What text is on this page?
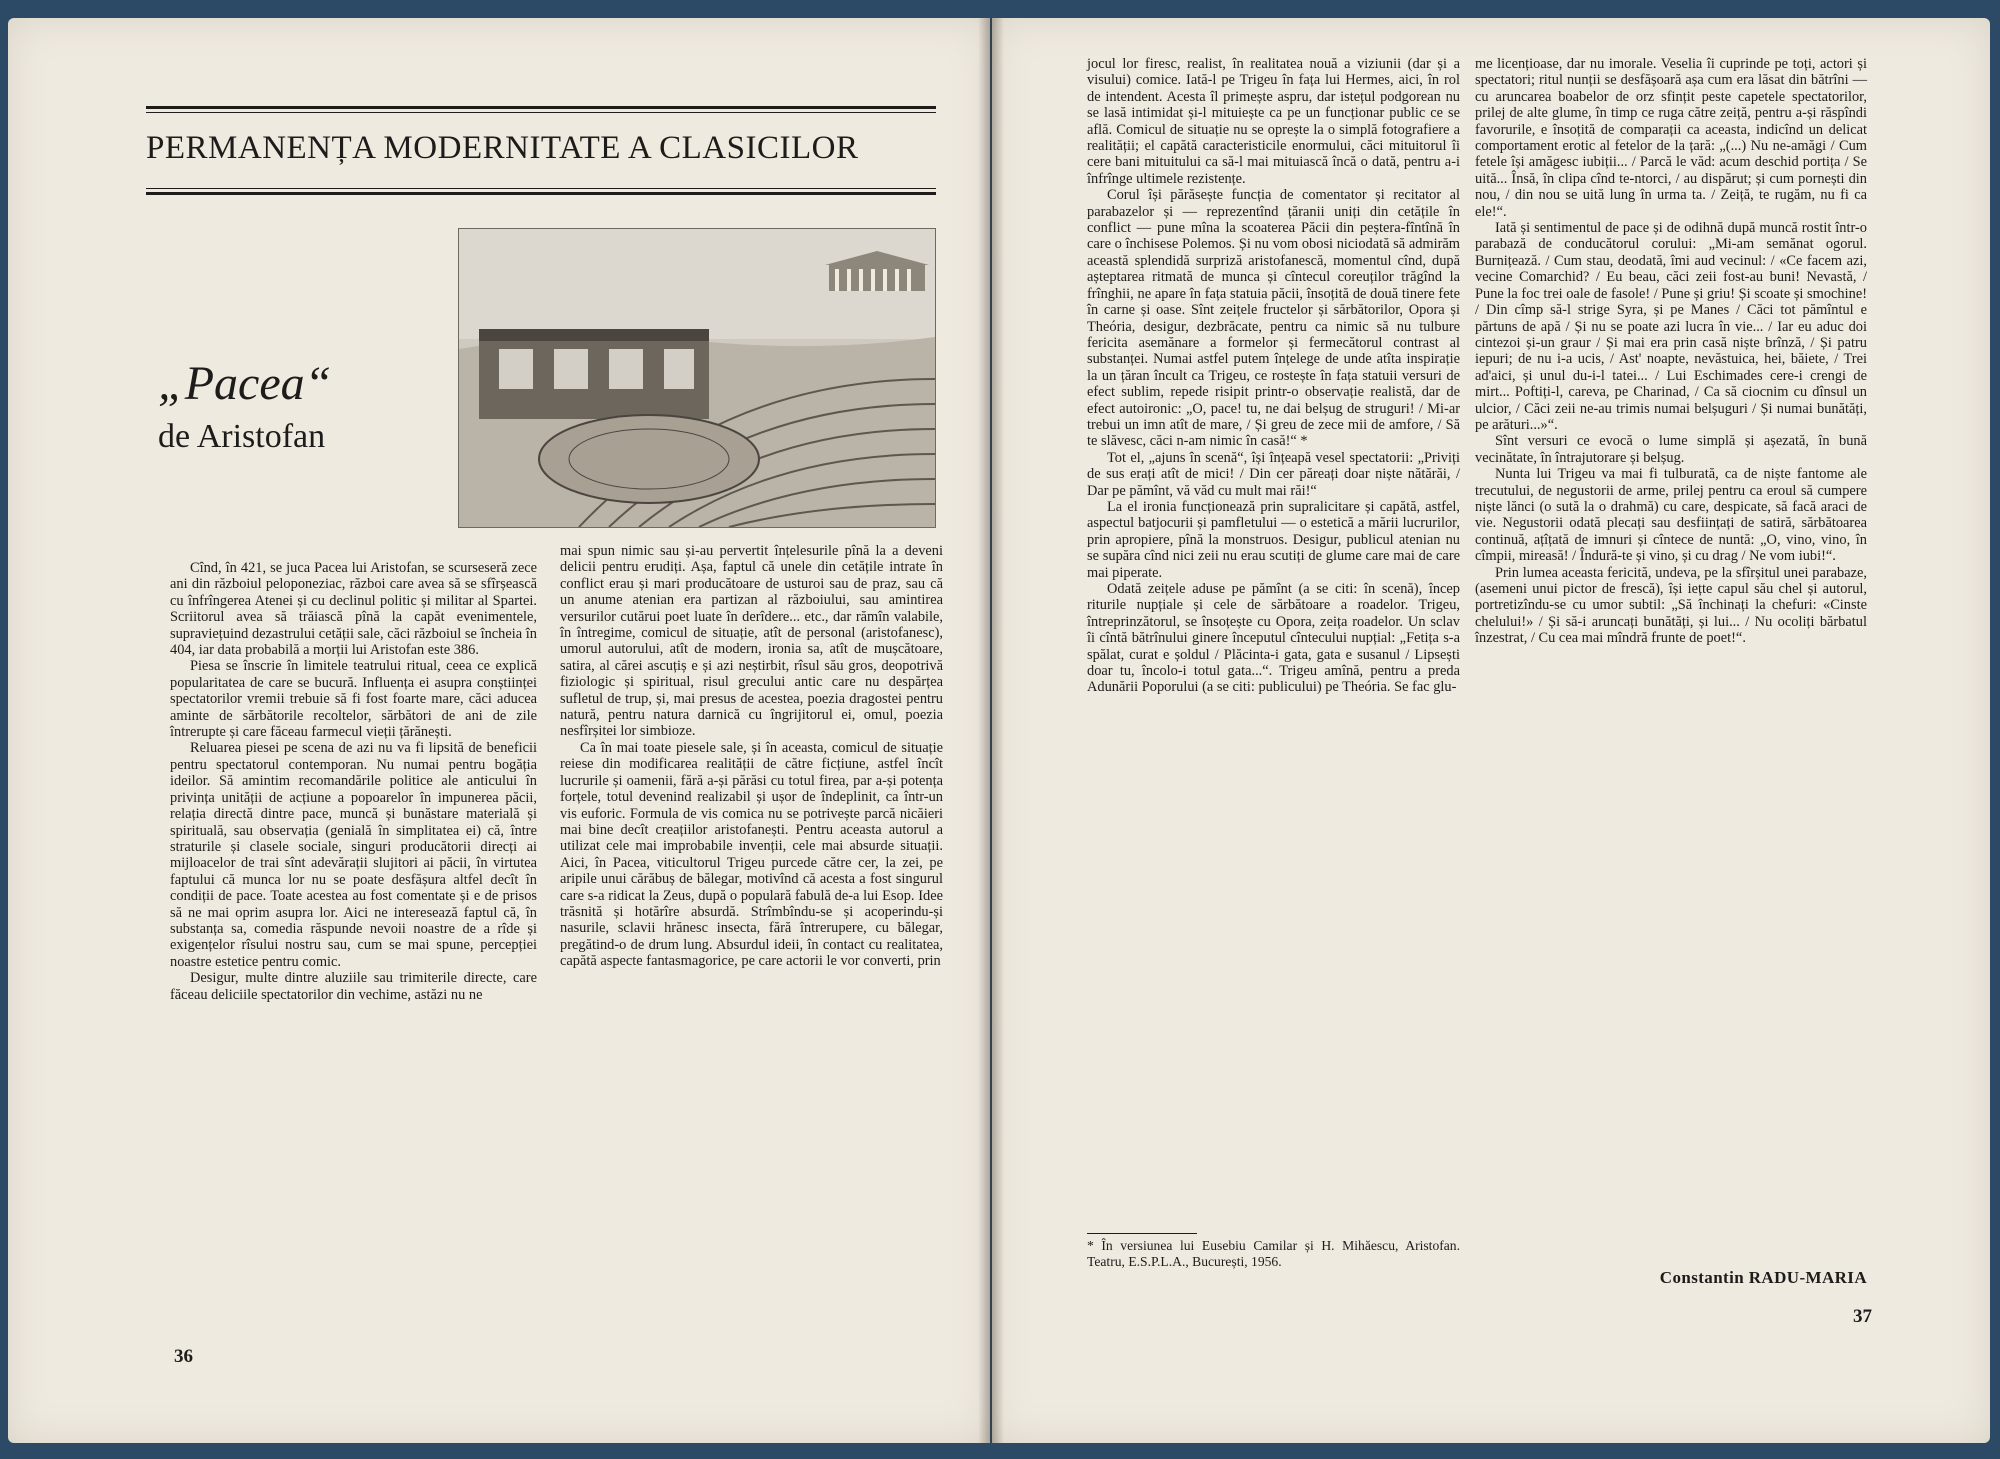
PERMANENȚA MODERNITATE A CLASICILOR
„Pacea“
de Aristofan

Cînd, în 421, se juca Pacea lui Aristofan, se scurseseră zece ani din războiul peloponeziac, război care avea să se sfîrșească cu înfrîngerea Atenei și cu declinul politic și militar al Spartei. Scriitorul avea să trăiască pînă la capăt evenimentele, supraviețuind dezastrului cetății sale, căci războiul se încheia în 404, iar data probabilă a morții lui Aristofan este 386.

Piesa se înscrie în limitele teatrului ritual, ceea ce explică popularitatea de care se bucură. Influența ei asupra conștiinței spectatorilor vremii trebuie să fi fost foarte mare, căci aducea aminte de sărbătorile recoltelor, sărbători de ani de zile întrerupte și care făceau farmecul vieții țărănești.

Reluarea piesei pe scena de azi nu va fi lipsită de beneficii pentru spectatorul contemporan. Nu numai pentru bogăția ideilor. Să amintim recomandările politice ale anticului în privința unității de acțiune a popoarelor în impunerea păcii, relația directă dintre pace, muncă și bunăstare materială și spirituală, sau observația (genială în simplitatea ei) că, între straturile și clasele sociale, singuri producătorii direcți ai mijloacelor de trai sînt adevărații slujitori ai păcii, în virtutea faptului că munca lor nu se poate desfășura altfel decît în condiții de pace. Toate acestea au fost comentate și e de prisos să ne mai oprim asupra lor. Aici ne interesează faptul că, în substanța sa, comedia răspunde nevoii noastre de a rîde și exigențelor rîsului nostru sau, cum se mai spune, percepției noastre estetice pentru comic.

Desigur, multe dintre aluziile sau trimiterile directe, care făceau deliciile spectatorilor din vechime, astăzi nu ne

mai spun nimic sau și-au pervertit înțelesurile pînă la a deveni delicii pentru erudiți. Așa, faptul că unele din cetățile intrate în conflict erau și mari producătoare de usturoi sau de praz, sau că un anume atenian era partizan al războiului, sau amintirea versurilor cutărui poet luate în derîdere... etc., dar rămîn valabile, în întregime, comicul de situație, atît de personal (aristofanesc), umorul autorului, atît de modern, ironia sa, atît de mușcătoare, satira, al cărei ascuțiș e și azi neștirbit, rîsul său gros, deopotrivă fiziologic și spiritual, risul grecului antic care nu despărțea sufletul de trup, și, mai presus de acestea, poezia dragostei pentru natură, pentru natura darnică cu îngrijitorul ei, omul, poezia nesfîrșitei lor simbioze.

Ca în mai toate piesele sale, și în aceasta, comicul de situație reiese din modificarea realității de către ficțiune, astfel încît lucrurile și oamenii, fără a-și părăsi cu totul firea, par a-și potența forțele, totul devenind realizabil și ușor de îndeplinit, ca într-un vis euforic. Formula de vis comica nu se potrivește parcă nicăieri mai bine decît creațiilor aristofanești. Pentru aceasta autorul a utilizat cele mai improbabile invenții, cele mai absurde situații. Aici, în Pacea, viticultorul Trigeu purcede către cer, la zei, pe aripile unui cărăbuș de bălegar, motivînd că acesta a fost singurul care s-a ridicat la Zeus, după o populară fabulă de-a lui Esop. Idee trăsnită și hotărîre absurdă. Strîmbîndu-se și acoperindu-și nasurile, sclavii hrănesc insecta, fără întrerupere, cu bălegar, pregătind-o de drum lung. Absurdul ideii, în contact cu realitatea, capătă aspecte fantasmagorice, pe care actorii le vor converti, prin

36

jocul lor firesc, realist, în realitatea nouă a viziunii (dar și a visului) comice. Iată-l pe Trigeu în fața lui Hermes, aici, în rol de intendent. Acesta îl primește aspru, dar istețul podgorean nu se lasă intimidat și-l mituiește ca pe un funcționar public ce se află. Comicul de situație nu se oprește la o simplă fotografiere a realității; el capătă caracteristicile enormului, căci mituitorul îi cere bani mituitului ca să-l mai mituiască încă o dată, pentru a-i înfrînge ultimele rezistențe.

Corul își părăsește funcția de comentator și recitator al parabazelor și — reprezentînd țăranii uniți din cetățile în conflict — pune mîna la scoaterea Păcii din peștera-fîntînă în care o închisese Polemos. Și nu vom obosi niciodată să admirăm această splendidă surpriză aristofanescă, momentul cînd, după așteptarea ritmată de munca și cîntecul coreuților trăgînd la frînghii, ne apare în fața statuia păcii, însoțită de două tinere fete în carne și oase. Sînt zeițele fructelor și sărbătorilor, Opora și Theória, desigur, dezbrăcate, pentru ca nimic să nu tulbure fericita asemănare a formelor și fermecătorul contrast al substanței. Numai astfel putem înțelege de unde atîta inspirație la un țăran încult ca Trigeu, ce rostește în fața statuii versuri de efect sublim, repede risipit printr-o observație realistă, dar de efect autoironic: „O, pace! tu, ne dai belșug de struguri! / Mi-ar trebui un imn atît de mare, / Și greu de zece mii de amfore, / Să te slăvesc, căci n-am nimic în casă!“ *

Tot el, „ajuns în scenă“, își înțeapă vesel spectatorii: „Priviți de sus erați atît de mici! / Din cer păreați doar niște nătărăi, / Dar pe pămînt, vă văd cu mult mai răi!“

La el ironia funcționează prin supralicitare și capătă, astfel, aspectul batjocurii și pamfletului — o estetică a mării lucrurilor, prin apropiere, pînă la monstruos. Desigur, publicul atenian nu se supăra cînd nici zeii nu erau scutiți de glume care mai de care mai piperate.

Odată zeițele aduse pe pămînt (a se citi: în scenă), încep riturile nupțiale și cele de sărbătoare a roadelor. Trigeu, întreprinzătorul, se însoțește cu Opora, zeița roadelor. Un sclav îi cîntă bătrînului ginere începutul cîntecului nupțial: „Fetița s-a spălat, curat e șoldul / Plăcinta-i gata, gata e susanul / Lipsești doar tu, încolo-i totul gata...“. Trigeu amînă, pentru a preda Adunării Poporului (a se citi: publicului) pe Theória. Se fac glu-

* În versiunea lui Eusebiu Camilar și H. Mihăescu, Aristofan. Teatru, E.S.P.L.A., București, 1956.

me licențioase, dar nu imorale. Veselia îi cuprinde pe toți, actori și spectatori; ritul nunții se desfășoară așa cum era lăsat din bătrîni — cu aruncarea boabelor de orz sfințit peste capetele spectatorilor, prilej de alte glume, în timp ce ruga către zeiță, pentru a-și răspîndi favorurile, e însoțită de comparații ca aceasta, indicînd un delicat comportament erotic al fetelor de la țară: „(...) Nu ne-amăgi / Cum fetele își amăgesc iubiții... / Parcă le văd: acum deschid portița / Se uită... Însă, în clipa cînd te-ntorci, / au dispărut; și cum pornești din nou, / din nou se uită lung în urma ta. / Zeiță, te rugăm, nu fi ca ele!“.

Iată și sentimentul de pace și de odihnă după muncă rostit într-o parabază de conducătorul corului: „Mi-am semănat ogorul. Burnițează. / Cum stau, deodată, îmi aud vecinul: / «Ce facem azi, vecine Comarchid? / Eu beau, căci zeii fost-au buni! Nevastă, / Pune la foc trei oale de fasole! / Pune și griu! Și scoate și smochine! / Din cîmp să-l strige Syra, și pe Manes / Căci tot pămîntul e părtuns de apă / Și nu se poate azi lucra în vie... / Iar eu aduc doi cintezoi și-un graur / Și mai era prin casă niște brînză, / Și patru iepuri; de nu i-a ucis, / Ast' noapte, nevăstuica, hei, băiete, / Trei ad'aici, și unul du-i-l tatei... / Lui Eschimades cere-i crengi de mirt... Poftiți-l, careva, pe Charinad, / Ca să ciocnim cu dînsul un ulcior, / Căci zeii ne-au trimis numai belșuguri / Și numai bunătăți, pe arături...»“.

Sînt versuri ce evocă o lume simplă și așezată, în bună vecinătate, în întrajutorare și belșug.

Nunta lui Trigeu va mai fi tulburată, ca de niște fantome ale trecutului, de negustorii de arme, prilej pentru ca eroul să cumpere niște lănci (o sută la o drahmă) cu care, despicate, să facă araci de vie. Negustorii odată plecați sau desființați de satiră, sărbătoarea continuă, ațîțată de imnuri și cîntece de nuntă: „O, vino, vino, în cîmpii, mireasă! / Îndură-te și vino, și cu drag / Ne vom iubi!“.

Prin lumea aceasta fericită, undeva, pe la sfîrșitul unei parabaze, (asemeni unui pictor de frescă), își iețte capul său chel și autorul, portretizîndu-se cu umor subtil: „Să închinați la chefuri: «Cinste chelului!» / Și să-i aruncați bunătăți, și lui... / Nu ocoliți bărbatul înzestrat, / Cu cea mai mîndră frunte de poet!“.

Constantin RADU-MARIA
37
